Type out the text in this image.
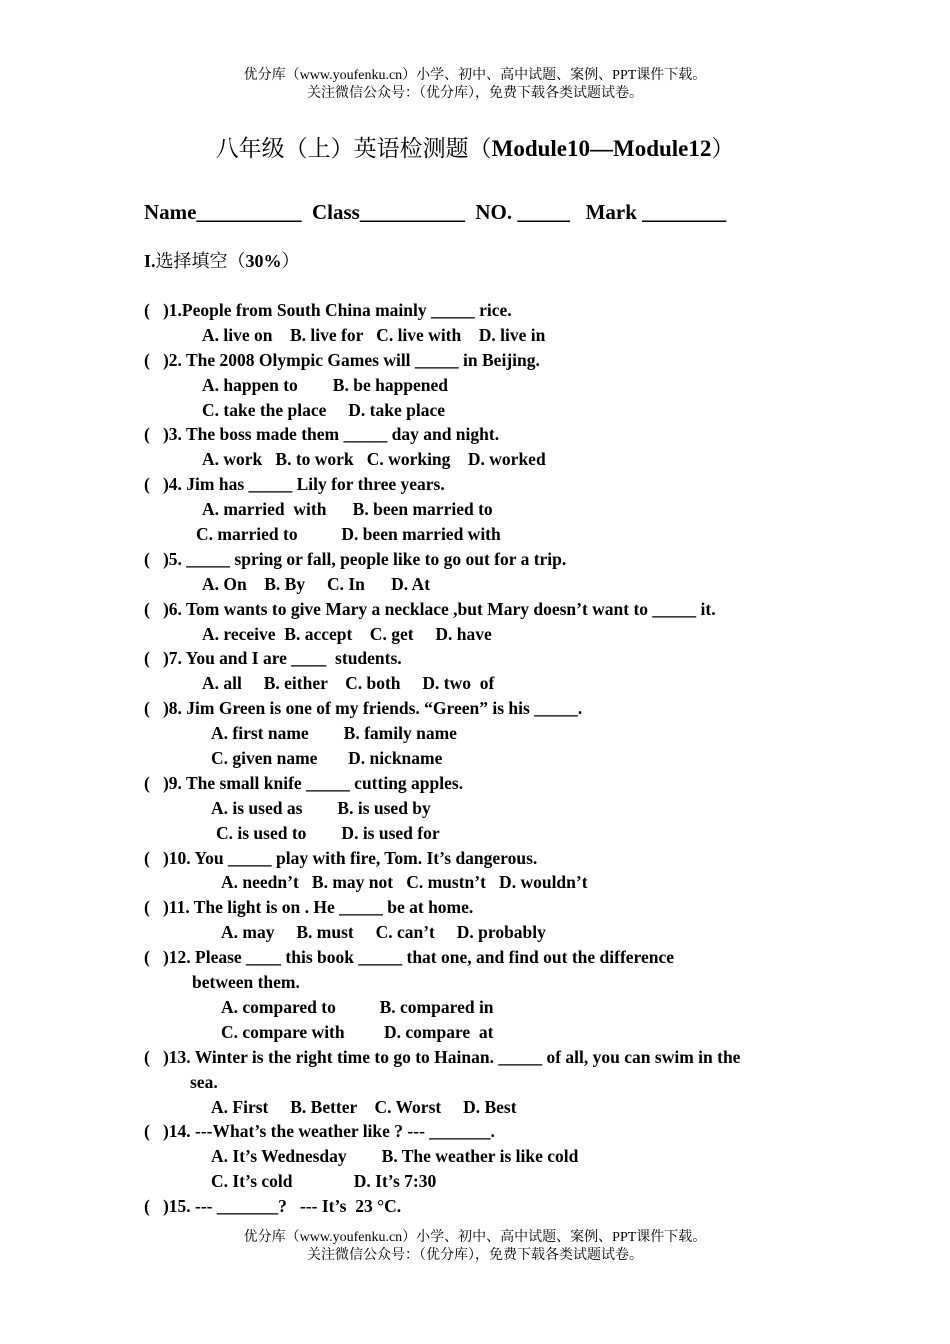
优分库（www.youfenku.cn）小学、初中、高中试题、案例、PPT课件下载。
关注微信公众号：（优分库），免费下载各类试题试卷。
八年级（上）英语检测题（Module10—Module12）
Name__________  Class__________  NO. _____   Mark ________
I.选择填空（30%）
(   )1.People from South China mainly _____ rice.
A. live on    B. live for   C. live with    D. live in
(   )2. The 2008 Olympic Games will _____ in Beijing.
A. happen to        B. be happened
C. take the place     D. take place
(   )3. The boss made them _____ day and night.
A. work   B. to work   C. working    D. worked
(   )4. Jim has _____ Lily for three years.
A. married  with      B. been married to
C. married to          D. been married with
(   )5. _____ spring or fall, people like to go out for a trip.
A. On    B. By     C. In      D. At
(   )6. Tom wants to give Mary a necklace ,but Mary doesn’t want to _____ it.
A. receive  B. accept    C. get     D. have
(   )7. You and I are ____  students.
A. all     B. either    C. both     D. two  of
(   )8. Jim Green is one of my friends. “Green” is his _____.
A. first name        B. family name
C. given name       D. nickname
(   )9. The small knife _____ cutting apples.
A. is used as        B. is used by
C. is used to        D. is used for
(   )10. You _____ play with fire, Tom. It’s dangerous.
A. needn’t   B. may not   C. mustn’t   D. wouldn’t
(   )11. The light is on . He _____ be at home.
A. may     B. must     C. can’t     D. probably
(   )12. Please ____ this book _____ that one, and find out the difference
between them.
A. compared to          B. compared in
C. compare with         D. compare  at
(   )13. Winter is the right time to go to Hainan. _____ of all, you can swim in the
sea.
A. First     B. Better    C. Worst     D. Best
(   )14. ---What’s the weather like ? --- _______.
A. It’s Wednesday        B. The weather is like cold
C. It’s cold              D. It’s 7:30
(   )15. --- _______?   --- It’s  23 °C.
优分库（www.youfenku.cn）小学、初中、高中试题、案例、PPT课件下载。
关注微信公众号：（优分库），免费下载各类试题试卷。
